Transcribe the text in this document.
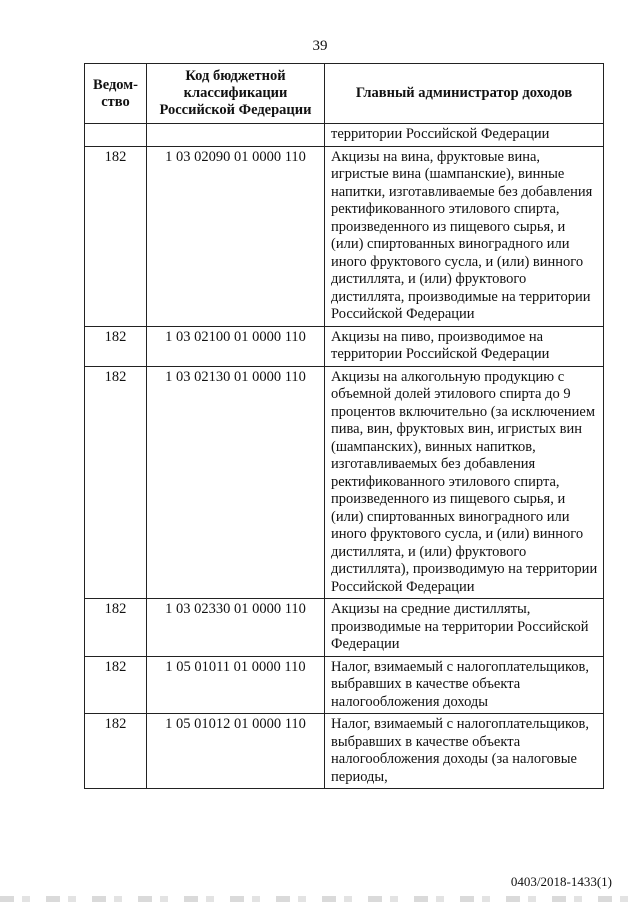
39
Ведом-ство	Код бюджетной классификации Российской Федерации	Главный администратор доходов
		территории Российской Федерации
182	1 03 02090 01 0000 110	Акцизы на вина, фруктовые вина, игристые вина (шампанские), винные напитки, изготавливаемые без добавления ректификованного этилового спирта, произведенного из пищевого сырья, и (или) спиртованных виноградного или иного фруктового сусла, и (или) винного дистиллята, и (или) фруктового дистиллята, производимые на территории Российской Федерации
182	1 03 02100 01 0000 110	Акцизы на пиво, производимое на территории Российской Федерации
182	1 03 02130 01 0000 110	Акцизы на алкогольную продукцию с объемной долей этилового спирта до 9 процентов включительно (за исключением пива, вин, фруктовых вин, игристых вин (шампанских), винных напитков, изготавливаемых без добавления ректификованного этилового спирта, произведенного из пищевого сырья, и (или) спиртованных виноградного или иного фруктового сусла, и (или) винного дистиллята, и (или) фруктового дистиллята), производимую на территории Российской Федерации
182	1 03 02330 01 0000 110	Акцизы на средние дистилляты, производимые на территории Российской Федерации
182	1 05 01011 01 0000 110	Налог, взимаемый с налогоплательщиков, выбравших в качестве объекта налогообложения доходы
182	1 05 01012 01 0000 110	Налог, взимаемый с налогоплательщиков, выбравших в качестве объекта налогообложения доходы (за налоговые периоды,
0403/2018-1433(1)
